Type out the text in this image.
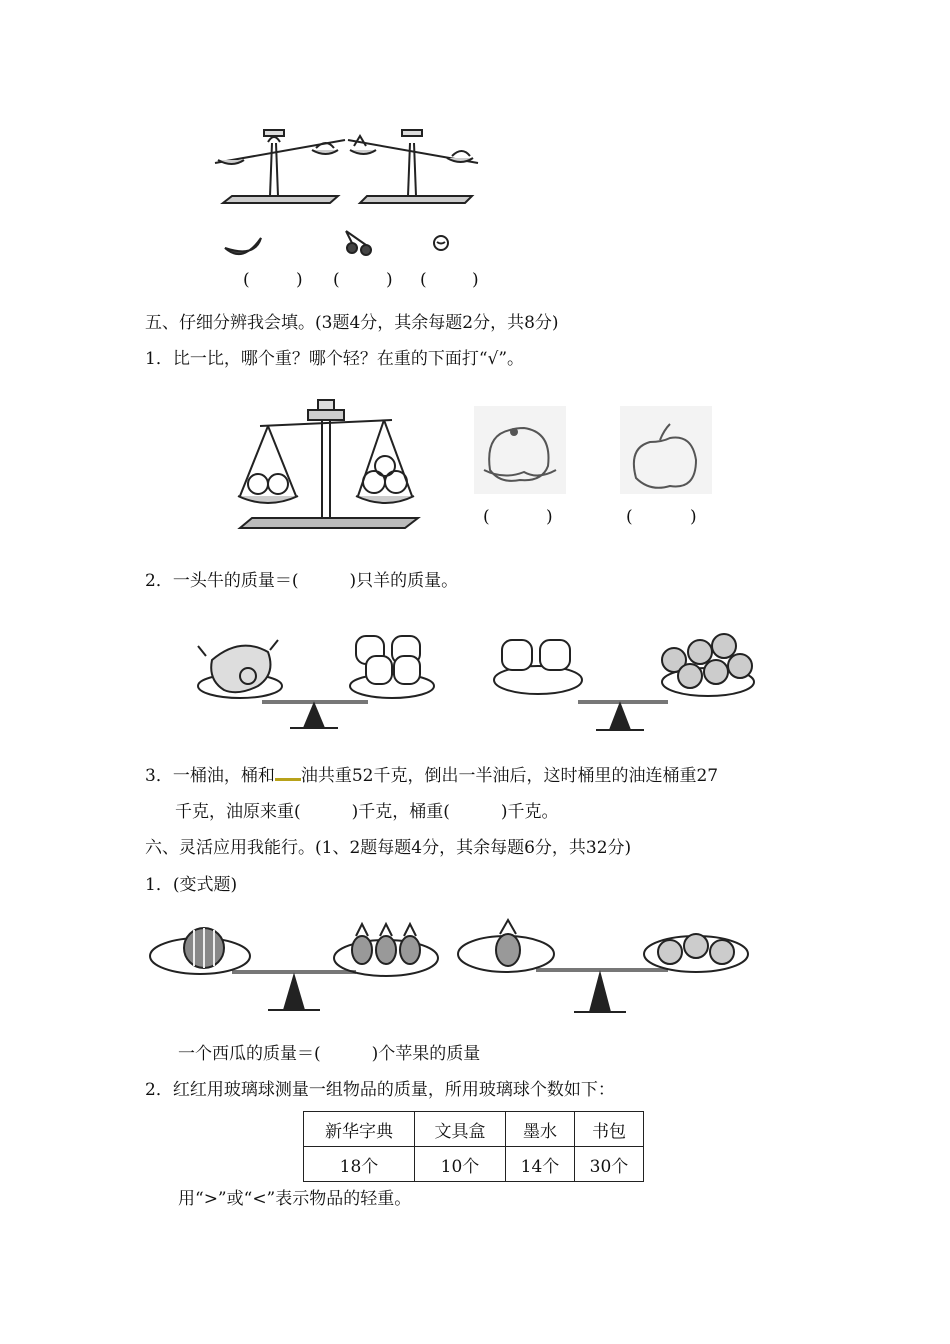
(	) (	) (	)
五、仔细分辨我会填。(3题4分，其余每题2分，共8分)
1．比一比，哪个重？哪个轻？在重的下面打“√”。
(	)	(	)
2．一头牛的质量＝(　　　)只羊的质量。
3．一桶油，桶和 油共重52千克，倒出一半油后，这时桶里的油连桶重27
千克，油原来重(　　　)千克，桶重(　　　)千克。
六、灵活应用我能行。(1、2题每题4分，其余每题6分，共32分)
1．(变式题)
一个西瓜的质量＝(　　　)个苹果的质量
2．红红用玻璃球测量一组物品的质量，所用玻璃球个数如下：
新华字典	文具盒	墨水	书包
18个	10个	14个	30个
用“>”或“<”表示物品的轻重。
